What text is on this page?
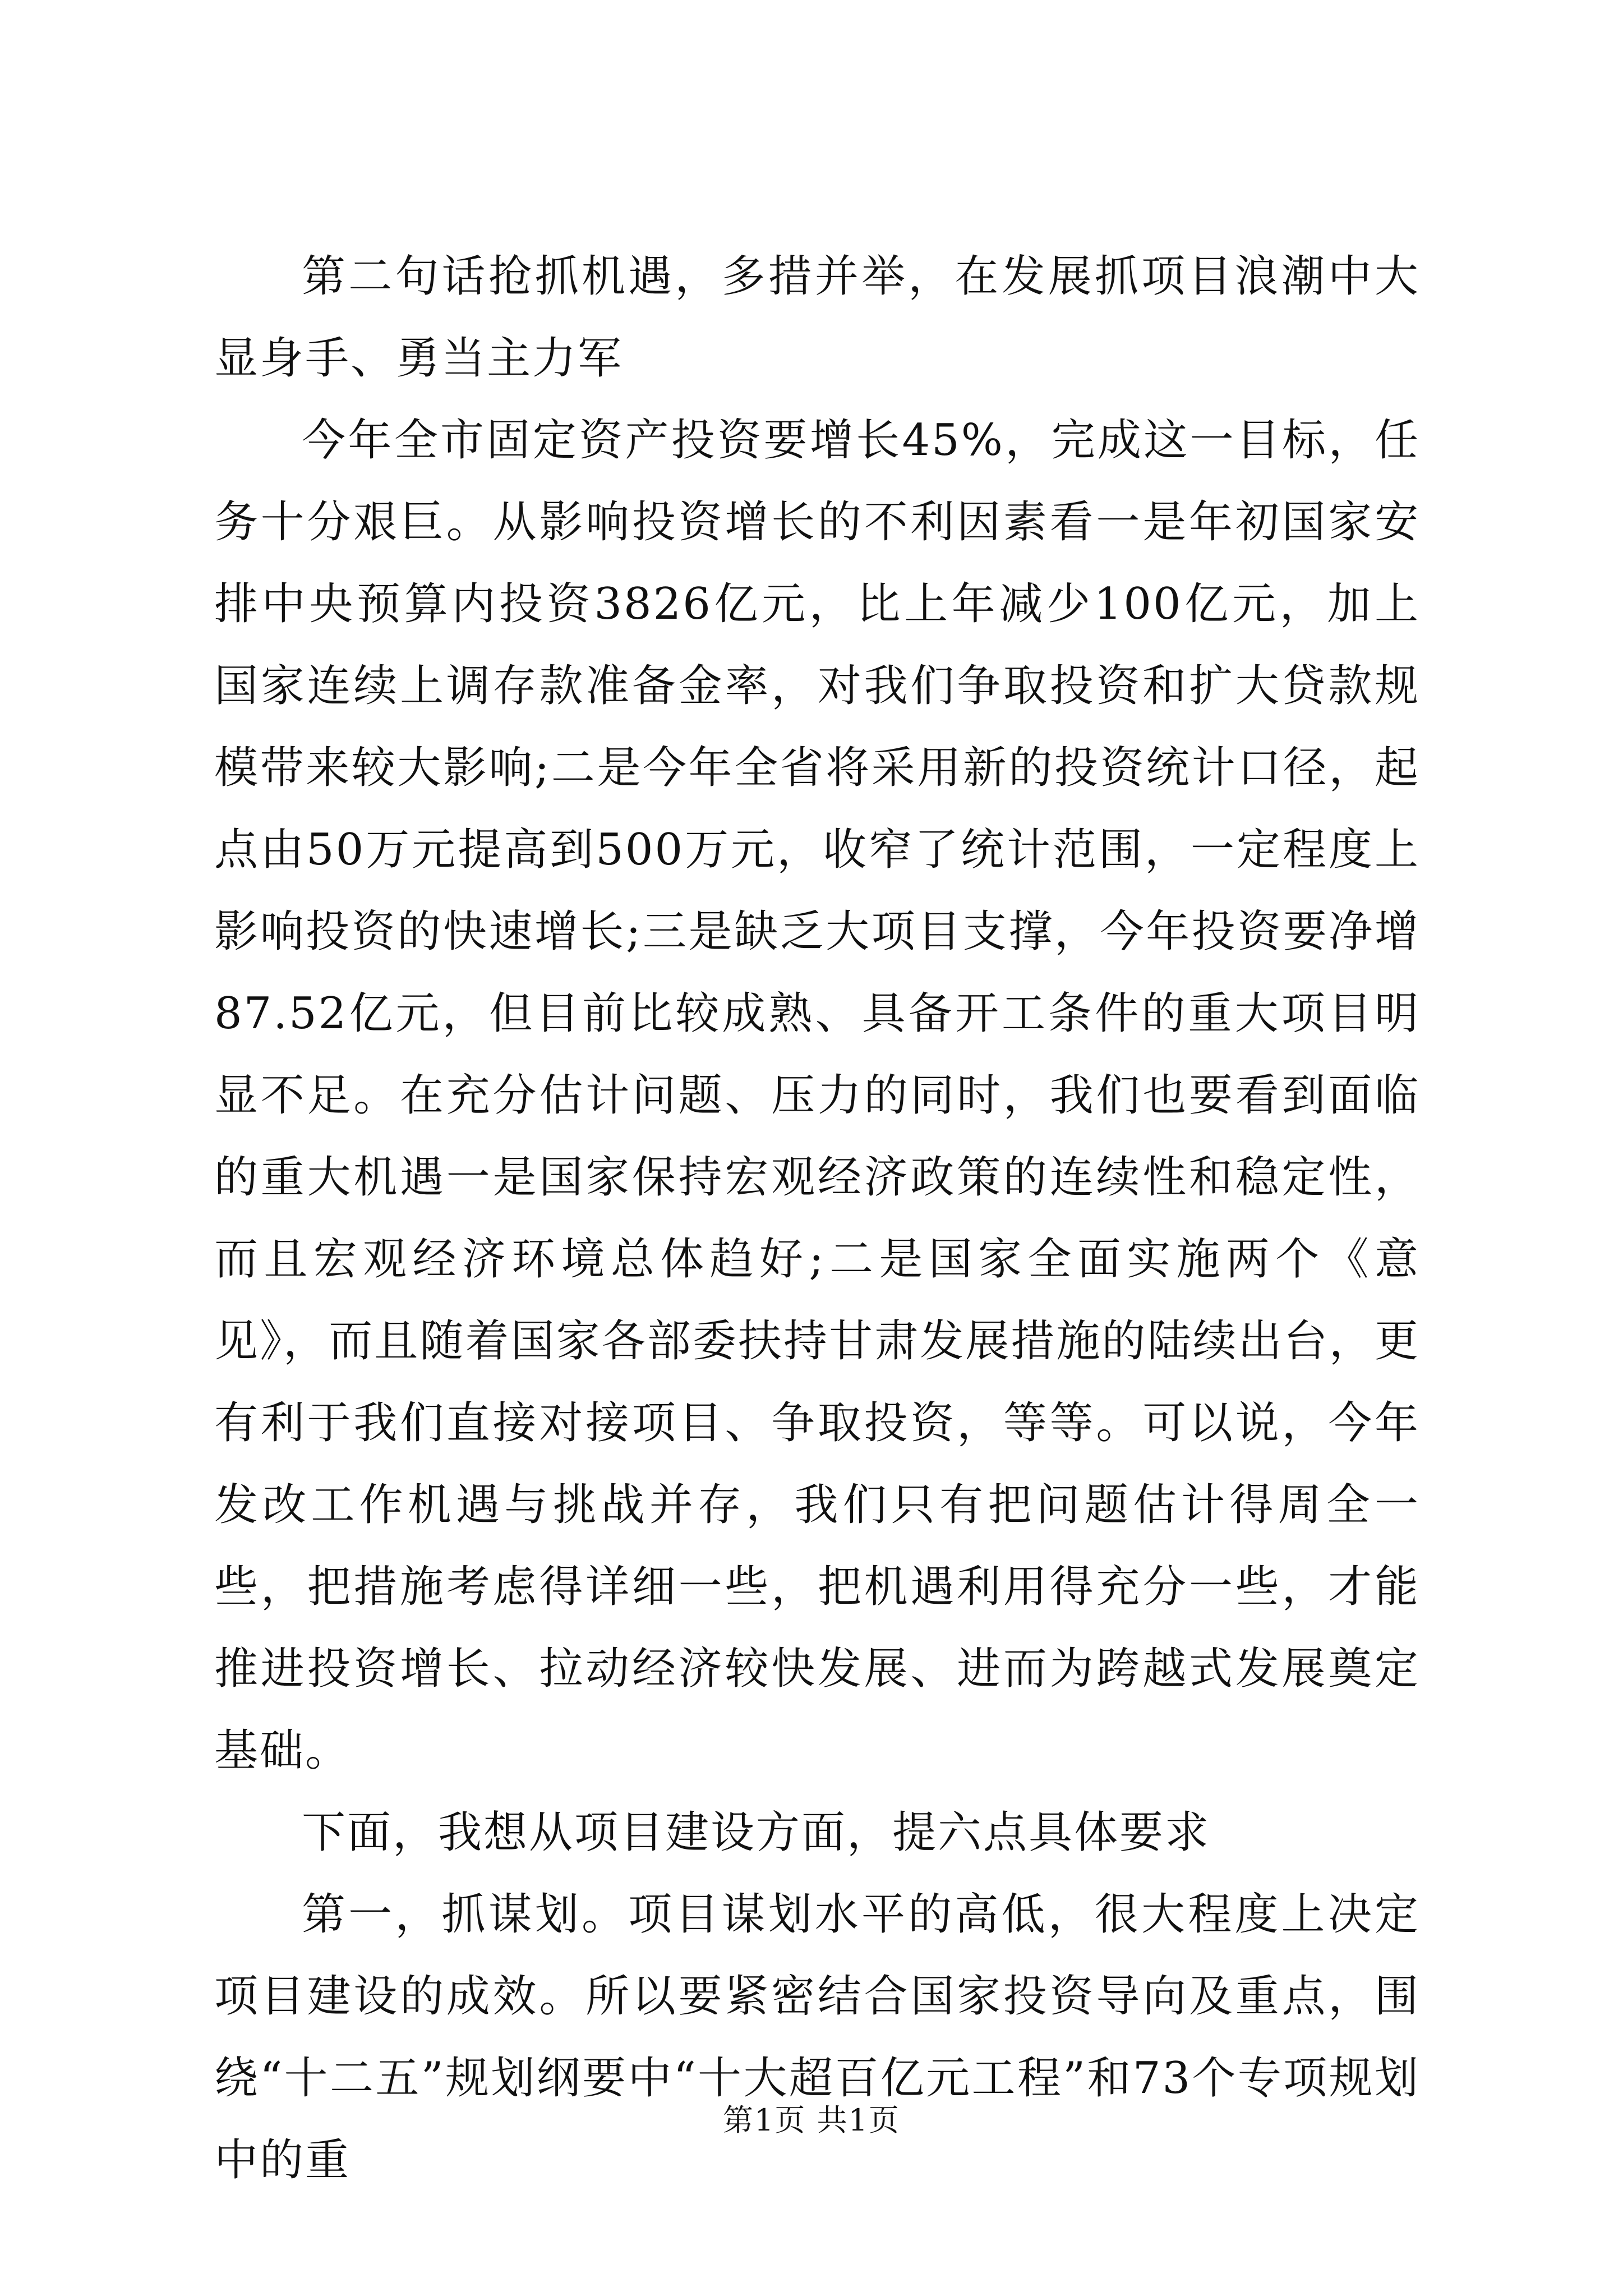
第二句话抢抓机遇，多措并举，在发展抓项目浪潮中大显身手、勇当主力军

今年全市固定资产投资要增长45%，完成这一目标，任务十分艰巨。从影响投资增长的不利因素看一是年初国家安排中央预算内投资3826亿元，比上年减少100亿元，加上国家连续上调存款准备金率，对我们争取投资和扩大贷款规模带来较大影响;二是今年全省将采用新的投资统计口径，起点由50万元提高到500万元，收窄了统计范围，一定程度上影响投资的快速增长;三是缺乏大项目支撑，今年投资要净增87.52亿元，但目前比较成熟、具备开工条件的重大项目明显不足。在充分估计问题、压力的同时，我们也要看到面临的重大机遇一是国家保持宏观经济政策的连续性和稳定性，而且宏观经济环境总体趋好;二是国家全面实施两个《意见》，而且随着国家各部委扶持甘肃发展措施的陆续出台，更有利于我们直接对接项目、争取投资，等等。可以说，今年发改工作机遇与挑战并存，我们只有把问题估计得周全一些，把措施考虑得详细一些，把机遇利用得充分一些，才能推进投资增长、拉动经济较快发展、进而为跨越式发展奠定基础。

下面，我想从项目建设方面，提六点具体要求

第一，抓谋划。项目谋划水平的高低，很大程度上决定项目建设的成效。所以要紧密结合国家投资导向及重点，围绕“十二五”规划纲要中“十大超百亿元工程”和73个专项规划中的重

第1页 共1页
